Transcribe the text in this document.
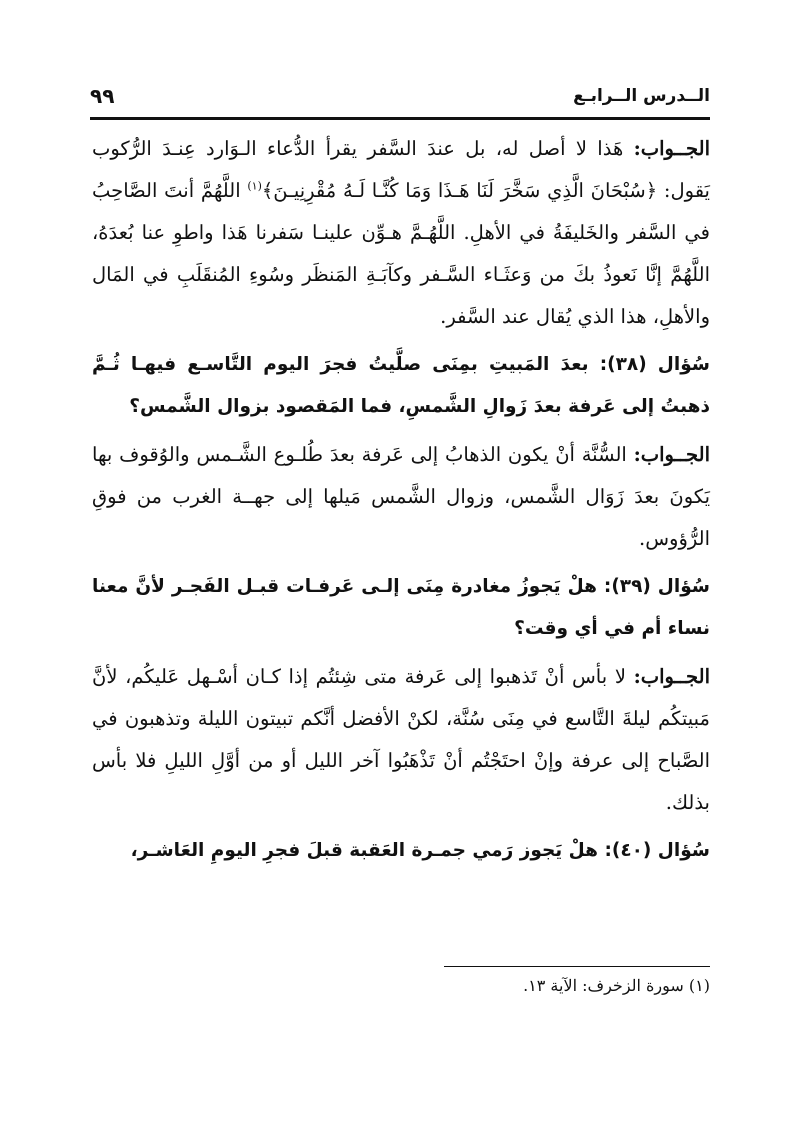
الــدرس الــرابـع
٩٩

الجــواب: هَذا لا أصل له، بل عندَ السَّفر يقرأ الدُّعاء الـوَارد عِنـدَ الرُّكوب يَقول: ﴿سُبْحَانَ الَّذِي سَخَّرَ لَنَا هَـذَا وَمَا كُنَّـا لَـهُ مُقْرِنِيـنَ﴾$^{(١)}$ اللَّهُمَّ أنتَ الصَّاحِبُ في السَّفر والخَليفَةُ في الأهلِ. اللَّهُـمَّ هـوِّن علينـا سَفرنا هَذا واطوِ عنا بُعدَهُ، اللَّهُمَّ إنَّا نَعوذُ بكَ من وَعثَـاء السَّـفر وكآبَـةِ المَنظَر وسُوءِ المُنقَلَبِ في المَال والأهلِ، هذا الذي يُقال عند السَّفر.

سُؤال (٣٨): بعدَ المَبيتِ بمِنَى صلَّيتُ فجرَ اليوم التَّاسـع فيهـا ثُـمَّ ذهبتُ إلى عَرفة بعدَ زَوالِ الشَّمسِ، فما المَقصود بزوال الشَّمس؟

الجــواب: السُّنَّة أنْ يكون الذهابُ إلى عَرفة بعدَ طُلـوع الشَّـمس والوُقوف بها يَكونَ بعدَ زَوَال الشَّمس، وزوال الشَّمس مَيلها إلى جهــة الغرب من فوقِ الرُّؤوس.

سُؤال (٣٩): هلْ يَجوزُ مغادرة مِنَى إلـى عَرفـات قبـل الفَجـر لأنَّ معنا نساء أم في أي وقت؟

الجــواب: لا بأس أنْ تَذهبوا إلى عَرفة متى شِئتُم إذا كـان أسْـهل عَليكُم، لأنَّ مَبيتكُم ليلةَ التَّاسع في مِنَى سُنَّة، لكنْ الأفضل أنَّكم تبيتون الليلة وتذهبون في الصَّباح إلى عرفة وإنْ احتَجْتُم أنْ تَذْهَبُوا آخر الليل أو من أوَّلِ الليلِ فلا بأس بذلك.

سُؤال (٤٠): هلْ يَجوز رَمي جمـرة العَقبة قبلَ فجرِ اليومِ العَاشـر،

(١) سورة الزخرف: الآية ١٣.
